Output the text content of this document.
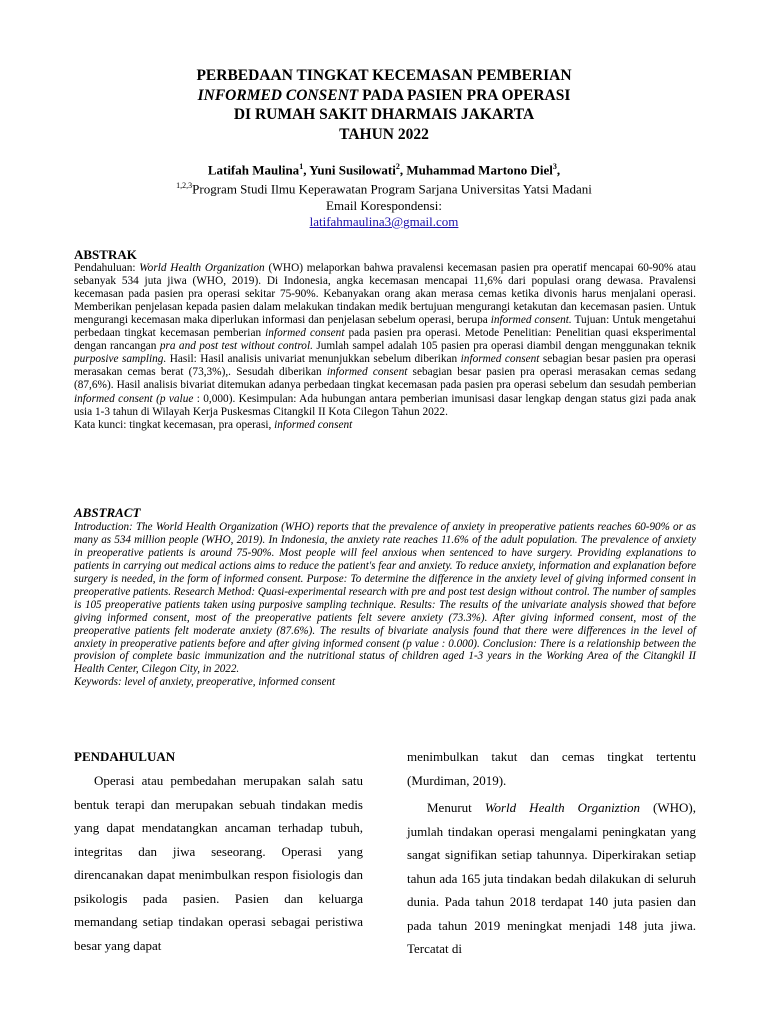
PERBEDAAN TINGKAT KECEMASAN PEMBERIAN
INFORMED CONSENT PADA PASIEN PRA OPERASI
DI RUMAH SAKIT DHARMAIS JAKARTA
TAHUN 2022
Latifah Maulina$^1$, Yuni Susilowati$^2$, Muhammad Martono Diel$^3$,
$^{1,2,3}$Program Studi Ilmu Keperawatan Program Sarjana Universitas Yatsi Madani
Email Korespondensi:
latifahmaulina3@gmail.com
ABSTRAK
Pendahuluan: World Health Organization (WHO) melaporkan bahwa pravalensi kecemasan pasien pra operatif mencapai 60-90% atau sebanyak 534 juta jiwa (WHO, 2019). Di Indonesia, angka kecemasan mencapai 11,6% dari populasi orang dewasa. Pravalensi kecemasan pada pasien pra operasi sekitar 75-90%. Kebanyakan orang akan merasa cemas ketika divonis harus menjalani operasi. Memberikan penjelasan kepada pasien dalam melakukan tindakan medik bertujuan mengurangi ketakutan dan kecemasan pasien. Untuk mengurangi kecemasan maka diperlukan informasi dan penjelasan sebelum operasi, berupa informed consent. Tujuan: Untuk mengetahui perbedaan tingkat kecemasan pemberian informed consent pada pasien pra operasi. Metode Penelitian: Penelitian quasi eksperimental dengan rancangan pra and post test without control. Jumlah sampel adalah 105 pasien pra operasi diambil dengan menggunakan teknik purposive sampling. Hasil: Hasil analisis univariat menunjukkan sebelum diberikan informed consent sebagian besar pasien pra operasi merasakan cemas berat (73,3%),. Sesudah diberikan informed consent sebagian besar pasien pra operasi merasakan cemas sedang (87,6%). Hasil analisis bivariat ditemukan adanya perbedaan tingkat kecemasan pada pasien pra operasi sebelum dan sesudah pemberian informed consent (p value : 0,000). Kesimpulan: Ada hubungan antara pemberian imunisasi dasar lengkap dengan status gizi pada anak usia 1-3 tahun di Wilayah Kerja Puskesmas Citangkil II Kota Cilegon Tahun 2022.
Kata kunci: tingkat kecemasan, pra operasi, informed consent
ABSTRACT
Introduction: The World Health Organization (WHO) reports that the prevalence of anxiety in preoperative patients reaches 60-90% or as many as 534 million people (WHO, 2019). In Indonesia, the anxiety rate reaches 11.6% of the adult population. The prevalence of anxiety in preoperative patients is around 75-90%. Most people will feel anxious when sentenced to have surgery. Providing explanations to patients in carrying out medical actions aims to reduce the patient's fear and anxiety. To reduce anxiety, information and explanation before surgery is needed, in the form of informed consent. Purpose: To determine the difference in the anxiety level of giving informed consent in preoperative patients. Research Method: Quasi-experimental research with pre and post test design without control. The number of samples is 105 preoperative patients taken using purposive sampling technique. Results: The results of the univariate analysis showed that before giving informed consent, most of the preoperative patients felt severe anxiety (73.3%). After giving informed consent, most of the preoperative patients felt moderate anxiety (87.6%). The results of bivariate analysis found that there were differences in the level of anxiety in preoperative patients before and after giving informed consent (p value : 0.000). Conclusion: There is a relationship between the provision of complete basic immunization and the nutritional status of children aged 1-3 years in the Working Area of the Citangkil II Health Center, Cilegon City, in 2022.
Keywords: level of anxiety, preoperative, informed consent
PENDAHULUAN
Operasi atau pembedahan merupakan salah satu bentuk terapi dan merupakan sebuah tindakan medis yang dapat mendatangkan ancaman terhadap tubuh, integritas dan jiwa seseorang. Operasi yang direncanakan dapat menimbulkan respon fisiologis dan psikologis pada pasien. Pasien dan keluarga memandang setiap tindakan operasi sebagai peristiwa besar yang dapat
menimbulkan takut dan cemas tingkat tertentu (Murdiman, 2019).
Menurut World Health Organiztion (WHO), jumlah tindakan operasi mengalami peningkatan yang sangat signifikan setiap tahunnya. Diperkirakan setiap tahun ada 165 juta tindakan bedah dilakukan di seluruh dunia. Pada tahun 2018 terdapat 140 juta pasien dan pada tahun 2019 meningkat menjadi 148 juta jiwa. Tercatat di
